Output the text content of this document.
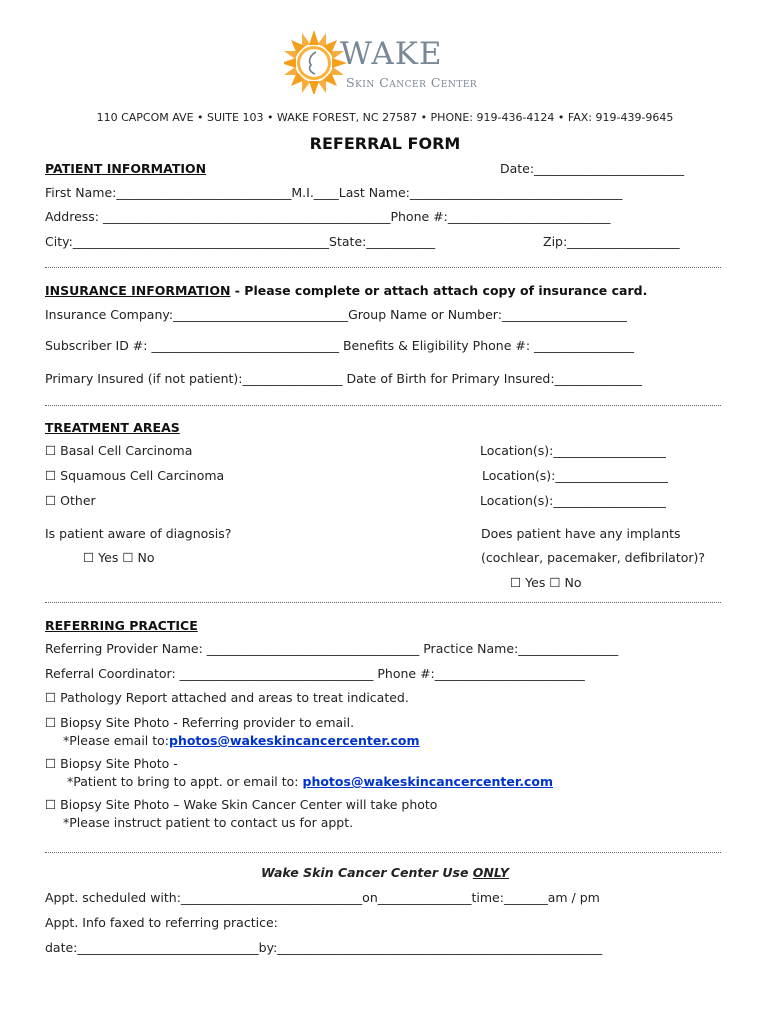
WAKE
Skin Cancer Center
110 CAPCOM AVE • SUITE 103 • WAKE FOREST, NC 27587 • PHONE: 919-436-4124 • FAX: 919-439-9645
REFERRAL FORM
PATIENT INFORMATION	Date:________________________
First Name:____________________________M.I.____Last Name:__________________________________
Address: ______________________________________________Phone #:__________________________
City:_________________________________________State:___________	Zip:__________________
INSURANCE INFORMATION - Please complete or attach attach copy of insurance card.
Insurance Company:____________________________Group Name or Number:____________________
Subscriber ID #: ______________________________ Benefits & Eligibility Phone #: ________________
Primary Insured (if not patient):________________ Date of Birth for Primary Insured:______________
TREATMENT AREAS
☐ Basal Cell Carcinoma	Location(s):__________________
☐ Squamous Cell Carcinoma	Location(s):__________________
☐ Other	Location(s):__________________
Is patient aware of diagnosis?
☐ Yes ☐ No
Does patient have any implants
(cochlear, pacemaker, defibrilator)?
☐ Yes ☐ No
REFERRING PRACTICE
Referring Provider Name: __________________________________ Practice Name:________________
Referral Coordinator: _______________________________ Phone #:________________________
☐ Pathology Report attached and areas to treat indicated.
☐ Biopsy Site Photo - Referring provider to email.
*Please email to:photos@wakeskincancercenter.com
☐ Biopsy Site Photo -
*Patient to bring to appt. or email to: photos@wakeskincancercenter.com
☐ Biopsy Site Photo – Wake Skin Cancer Center will take photo
*Please instruct patient to contact us for appt.
Wake Skin Cancer Center Use ONLY
Appt. scheduled with:_____________________________on_______________time:_______am / pm
Appt. Info faxed to referring practice:
date:_____________________________by:____________________________________________________
